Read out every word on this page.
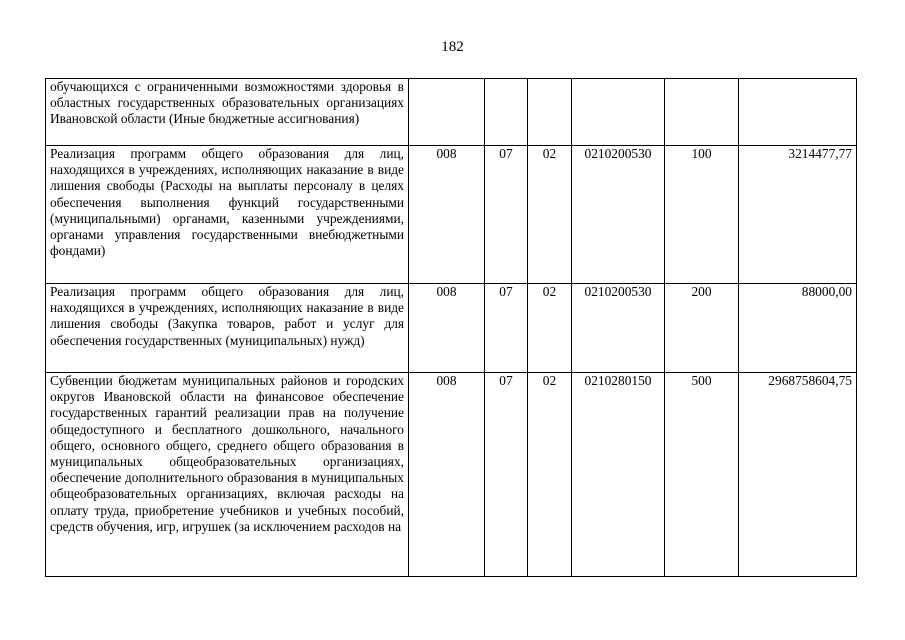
182
обучающихся с ограниченными возможностями здоровья в областных государственных образовательных организациях Ивановской области (Иные бюджетные ассигнования)						
Реализация программ общего образования для лиц, находящихся в учреждениях, исполняющих наказание в виде лишения свободы (Расходы на выплаты персоналу в целях обеспечения выполнения функций государственными (муниципальными) органами, казенными учреждениями, органами управления государственными внебюджетными фондами)	008	07	02	0210200530	100	3214477,77
Реализация программ общего образования для лиц, находящихся в учреждениях, исполняющих наказание в виде лишения свободы (Закупка товаров, работ и услуг для обеспечения государственных (муниципальных) нужд)	008	07	02	0210200530	200	88000,00
Субвенции бюджетам муниципальных районов и городских округов Ивановской области на финансовое обеспечение государственных гарантий реализации прав на получение общедоступного и бесплатного дошкольного, начального общего, основного общего, среднего общего образования в муниципальных общеобразовательных организациях, обеспечение дополнительного образования в муниципальных общеобразовательных организациях, включая расходы на оплату труда, приобретение учебников и учебных пособий, средств обучения, игр, игрушек (за исключением расходов на	008	07	02	0210280150	500	2968758604,75
